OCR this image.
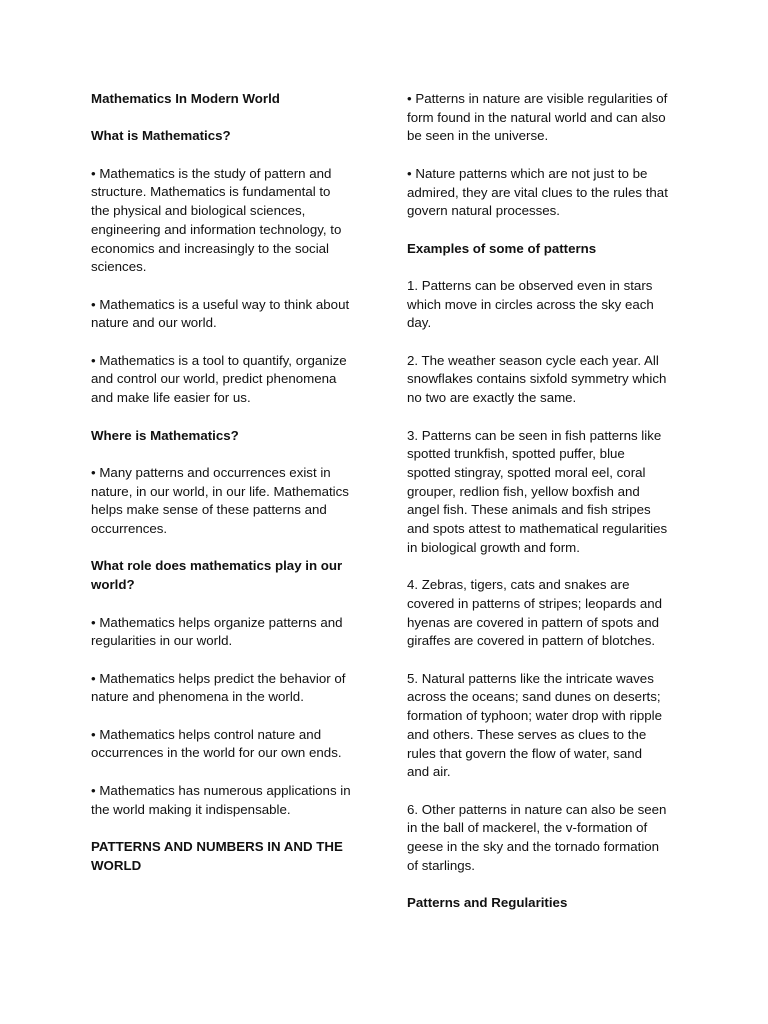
Mathematics In Modern World

What is Mathematics?

• Mathematics is the study of pattern and
structure. Mathematics is fundamental to
the physical and biological sciences,
engineering and information technology, to
economics and increasingly to the social
sciences.

• Mathematics is a useful way to think about
nature and our world.

• Mathematics is a tool to quantify, organize
and control our world, predict phenomena
and make life easier for us.

Where is Mathematics?

• Many patterns and occurrences exist in
nature, in our world, in our life. Mathematics
helps make sense of these patterns and
occurrences.

What role does mathematics play in our
world?

• Mathematics helps organize patterns and
regularities in our world.

• Mathematics helps predict the behavior of
nature and phenomena in the world.

• Mathematics helps control nature and
occurrences in the world for our own ends.

• Mathematics has numerous applications in
the world making it indispensable.

PATTERNS AND NUMBERS IN AND THE
WORLD

• Patterns in nature are visible regularities of
form found in the natural world and can also
be seen in the universe.

• Nature patterns which are not just to be
admired, they are vital clues to the rules that
govern natural processes.

Examples of some of patterns

1. Patterns can be observed even in stars
which move in circles across the sky each
day.

2. The weather season cycle each year. All
snowflakes contains sixfold symmetry which
no two are exactly the same.

3. Patterns can be seen in fish patterns like
spotted trunkfish, spotted puffer, blue
spotted stingray, spotted moral eel, coral
grouper, redlion fish, yellow boxfish and
angel fish. These animals and fish stripes
and spots attest to mathematical regularities
in biological growth and form.

4. Zebras, tigers, cats and snakes are
covered in patterns of stripes; leopards and
hyenas are covered in pattern of spots and
giraffes are covered in pattern of blotches.

5. Natural patterns like the intricate waves
across the oceans; sand dunes on deserts;
formation of typhoon; water drop with ripple
and others. These serves as clues to the
rules that govern the flow of water, sand
and air.

6. Other patterns in nature can also be seen
in the ball of mackerel, the v-formation of
geese in the sky and the tornado formation
of starlings.

Patterns and Regularities
